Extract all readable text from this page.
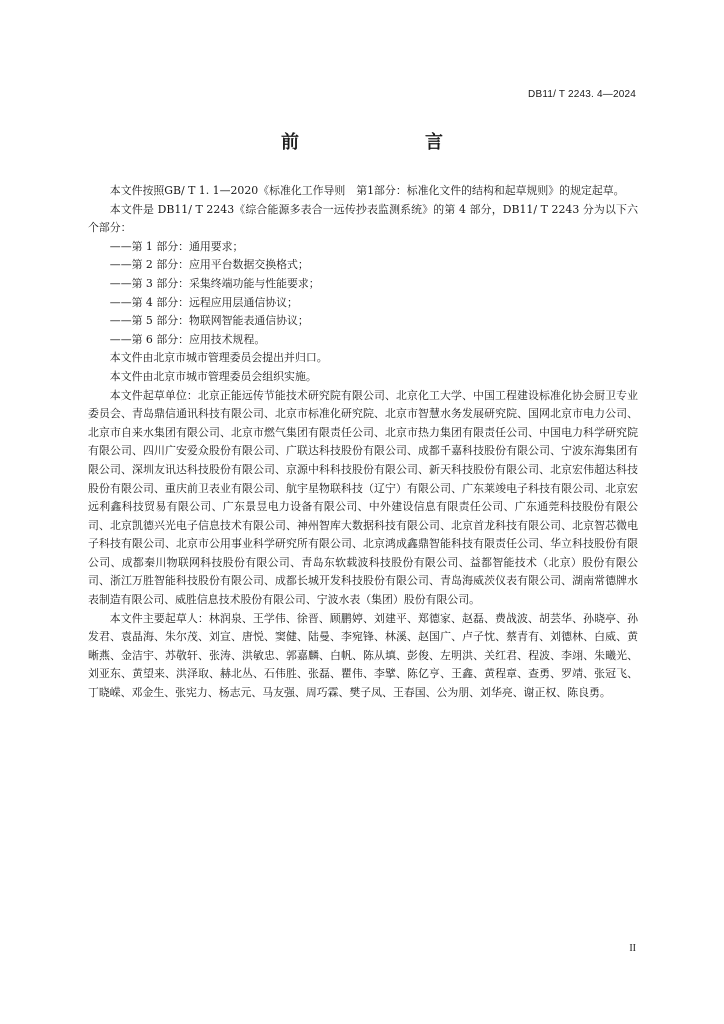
DB11/ T 2243. 4—2024
前　　言

本文件按照GB/ T 1. 1—2020《标准化工作导则　第1部分：标准化文件的结构和起草规则》的规定起草。

本文件是 DB11/ T 2243《综合能源多表合一远传抄表监测系统》的第 4 部分，DB11/ T 2243 分为以下六个部分：

——第 1 部分：通用要求；

——第 2 部分：应用平台数据交换格式；

——第 3 部分：采集终端功能与性能要求；

——第 4 部分：远程应用层通信协议；

——第 5 部分：物联网智能表通信协议；

——第 6 部分：应用技术规程。

本文件由北京市城市管理委员会提出并归口。

本文件由北京市城市管理委员会组织实施。

本文件起草单位：北京正能远传节能技术研究院有限公司、北京化工大学、中国工程建设标准化协会厨卫专业委员会、青岛鼎信通讯科技有限公司、北京市标准化研究院、北京市智慧水务发展研究院、国网北京市电力公司、北京市自来水集团有限公司、北京市燃气集团有限责任公司、北京市热力集团有限责任公司、中国电力科学研究院有限公司、四川广安爱众股份有限公司、广联达科技股份有限公司、成都千嘉科技股份有限公司、宁波东海集团有限公司、深圳友讯达科技股份有限公司、京源中科科技股份有限公司、新天科技股份有限公司、北京宏伟超达科技股份有限公司、重庆前卫表业有限公司、航宇星物联科技（辽宁）有限公司、广东莱竣电子科技有限公司、北京宏远利鑫科技贸易有限公司、广东景昱电力设备有限公司、中外建设信息有限责任公司、广东通莞科技股份有限公司、北京凯德兴光电子信息技术有限公司、神州智库大数据科技有限公司、北京首龙科技有限公司、北京智芯微电子科技有限公司、北京市公用事业科学研究所有限公司、北京鸿成鑫鼎智能科技有限责任公司、华立科技股份有限公司、成都秦川物联网科技股份有限公司、青岛东软载波科技股份有限公司、益都智能技术（北京）股份有限公司、浙江万胜智能科技股份有限公司、成都长城开发科技股份有限公司、青岛海威茨仪表有限公司、湖南常德牌水表制造有限公司、威胜信息技术股份有限公司、宁波水表（集团）股份有限公司。

本文件主要起草人：林润泉、王学伟、徐晋、顾鹏婷、刘建平、郑德家、赵磊、费战波、胡芸华、孙晓亭、孙发君、袁晶海、朱尔茂、刘宣、唐悦、窦健、陆曼、李宛锋、林溪、赵国广、卢子忱、蔡青有、刘德林、白威、黄晰燕、金洁宇、苏敬轩、张涛、洪敏忠、郭嘉麟、白帆、陈从填、彭俊、左明洪、关红君、程波、李翊、朱曦光、刘亚东、黄望来、洪泽取、赫北丛、石伟胜、张磊、瞿伟、李擘、陈亿亨、王鑫、黄程章、查勇、罗靖、张冠飞、丁晓嵘、邓金生、张宪力、杨志元、马友强、周巧霖、樊子凤、王春国、公为朋、刘华亮、谢正权、陈良勇。

II
